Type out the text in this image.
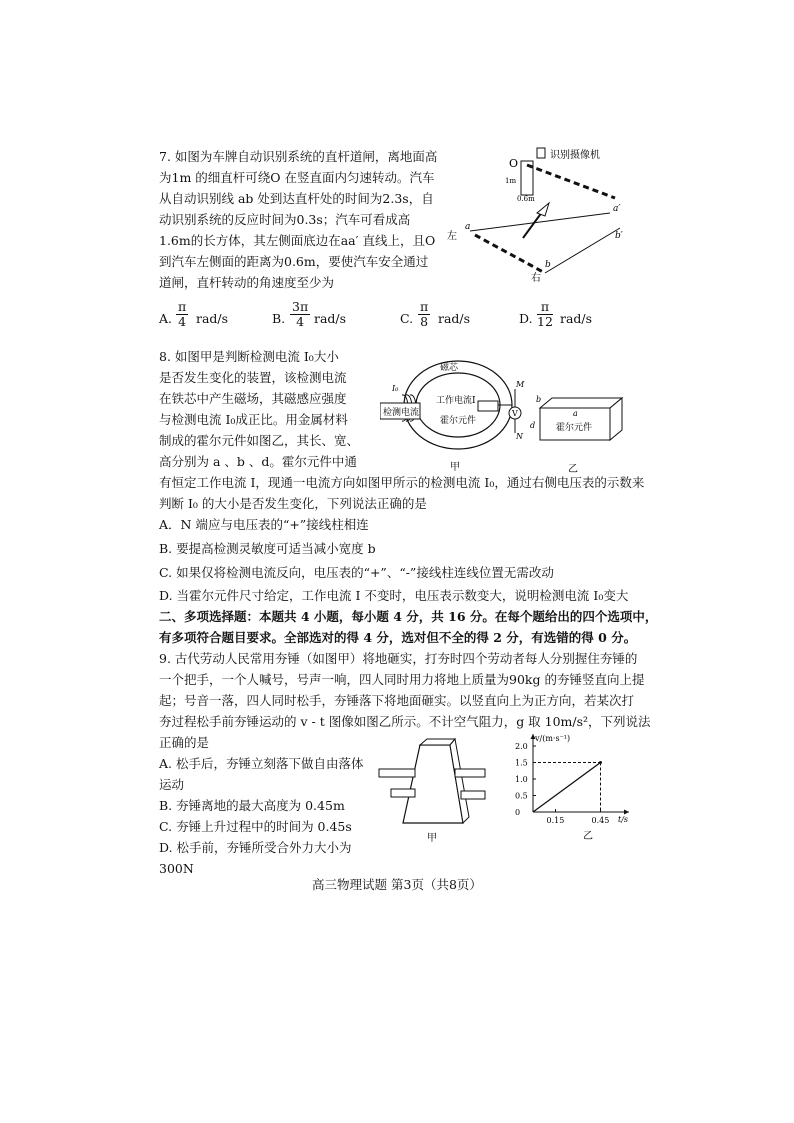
7. 如图为车牌自动识别系统的直杆道闸，离地面高
为1m 的细直杆可绕O 在竖直面内匀速转动。汽车
从自动识别线 ab 处到达直杆处的时间为2.3s，自
动识别系统的反应时间为0.3s；汽车可看成高
1.6m的长方体，其左侧面底边在aa′ 直线上，且O
到汽车左侧面的距离为0.6m，要使汽车安全通过
道闸，直杆转动的角速度至少为
识别摄像机
O
1m
0.6m
左
a
a′
b
b′
右
A. $\frac{\pi}{4} rad/s$	B. $\frac{3\pi}{4} rad/s$	C. $\frac{\pi}{8} rad/s$	D. $\frac{\pi}{12} rad/s$
8. 如图甲是判断检测电流 I₀大小
是否发生变化的装置，该检测电流
在铁芯中产生磁场，其磁感应强度
与检测电流 I₀成正比。用金属材料
制成的霍尔元件如图乙，其长、宽、
高分别为 a 、b 、d。霍尔元件中通
有恒定工作电流 I，现通一电流方向如图甲所示的检测电流 I₀，通过右侧电压表的示数来
判断 I₀ 的大小是否发生变化，下列说法正确的是
磁芯
I₀
检测电流
工作电流I
霍尔元件
V
M
N
甲
a
b
d 霍尔元件
乙
A．N 端应与电压表的“+”接线柱相连
B. 要提高检测灵敏度可适当减小宽度 b
C. 如果仅将检测电流反向，电压表的“+”、“-”接线柱连线位置无需改动
D. 当霍尔元件尺寸给定，工作电流 I 不变时，电压表示数变大，说明检测电流 I₀变大
二、多项选择题：本题共 4 小题，每小题 4 分，共 16 分。在每个题给出的四个选项中，
有多项符合题目要求。全部选对的得 4 分，选对但不全的得 2 分，有选错的得 0 分。
9. 古代劳动人民常用夯锤（如图甲）将地砸实，打夯时四个劳动者每人分别握住夯锤的
一个把手，一个人喊号，号声一响，四人同时用力将地上质量为90kg 的夯锤竖直向上提
起；号音一落，四人同时松手，夯锤落下将地面砸实。以竖直向上为正方向，若某次打
夯过程松手前夯锤运动的 v - t 图像如图乙所示。不计空气阻力，g 取 10m/s²，下列说法
正确的是
A. 松手后，夯锤立刻落下做自由落体
运动
B. 夯锤离地的最大高度为 0.45m
C. 夯锤上升过程中的时间为 0.45s
D. 松手前，夯锤所受合外力大小为
300N
甲
v/(m·s⁻¹)
t/s
2.0
1.5
1.0
0.5
0
0.15	0.45
乙
高三物理试题 第3页（共8页）
